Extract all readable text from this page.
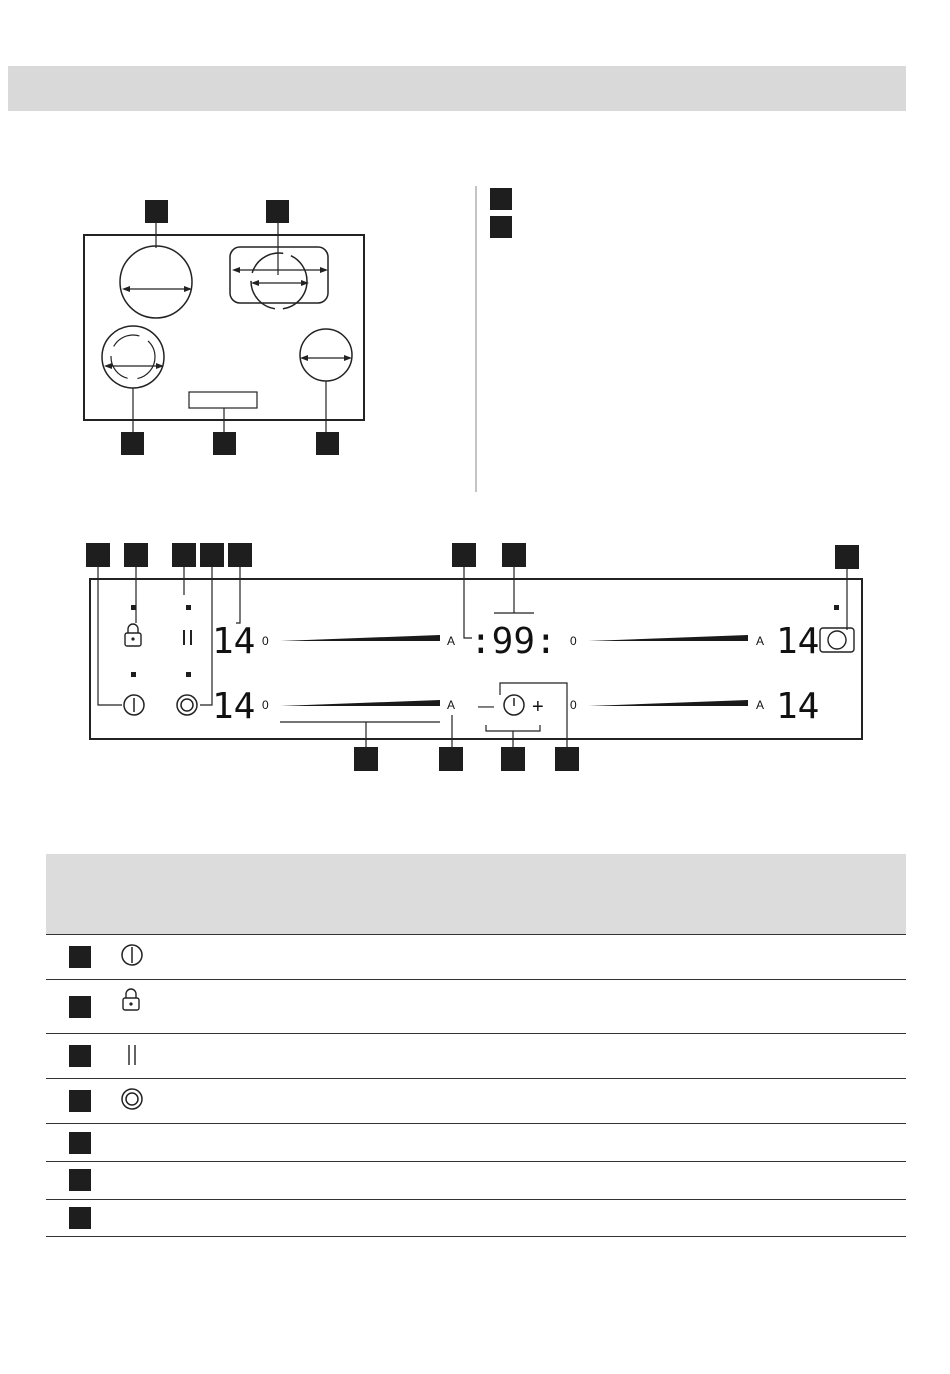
14
14
14
14
0	A
0	A
0	A
0	A
:99:
— +
